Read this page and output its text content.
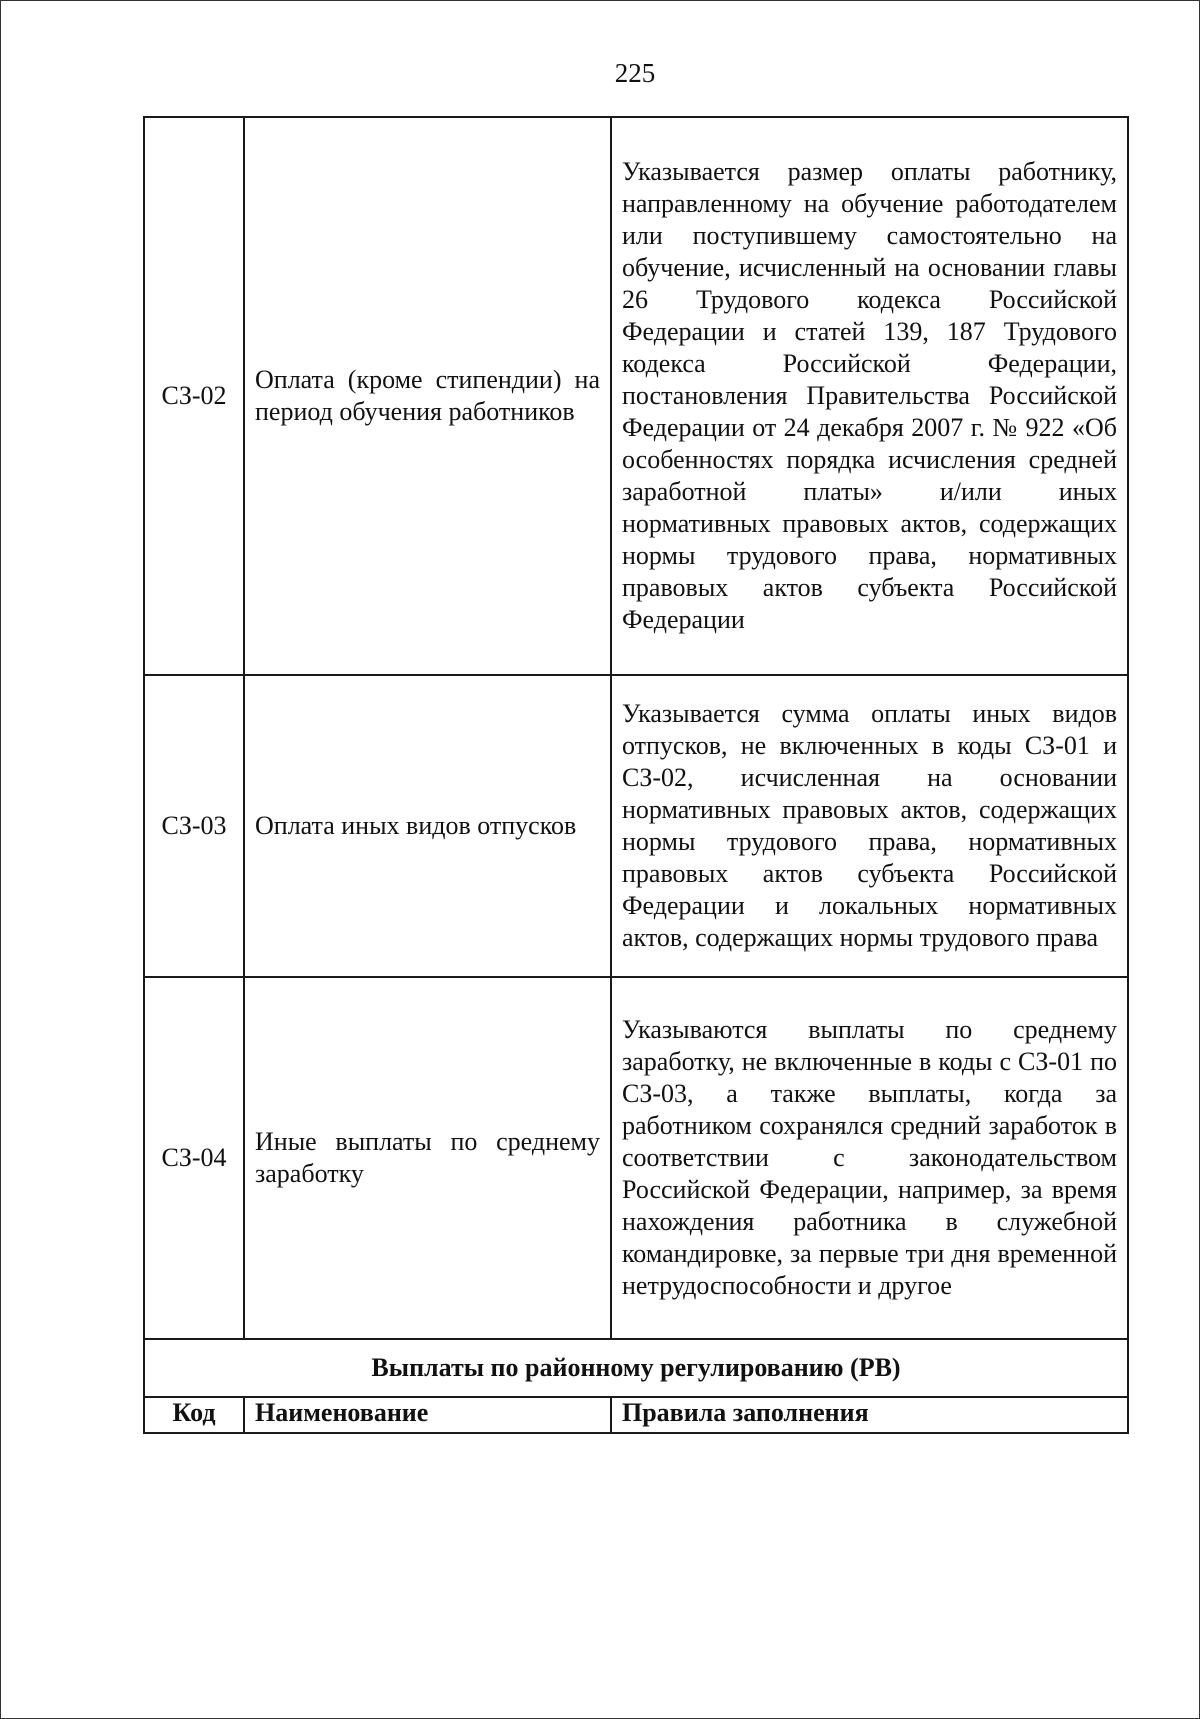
225
СЗ-02	Оплата (кроме стипендии) на период обучения работников	Указывается размер оплаты работнику, направленному на обучение работодателем или поступившему самостоятельно на обучение, исчисленный на основании главы 26 Трудового кодекса Российской Федерации и статей 139, 187 Трудового кодекса Российской Федерации, постановления Правительства Российской Федерации от 24 декабря 2007 г. № 922 «Об особенностях порядка исчисления средней заработной платы» и/или иных нормативных правовых актов, содержащих нормы трудового права, нормативных правовых актов субъекта Российской Федерации
СЗ-03	Оплата иных видов отпусков	Указывается сумма оплаты иных видов отпусков, не включенных в коды СЗ-01 и СЗ-02, исчисленная на основании нормативных правовых актов, содержащих нормы трудового права, нормативных правовых актов субъекта Российской Федерации и локальных нормативных актов, содержащих нормы трудового права
СЗ-04	Иные выплаты по среднему заработку	Указываются выплаты по среднему заработку, не включенные в коды с СЗ-01 по СЗ-03, а также выплаты, когда за работником сохранялся средний заработок в соответствии с законодательством Российской Федерации, например, за время нахождения работника в служебной командировке, за первые три дня временной нетрудоспособности и другое
Выплаты по районному регулированию (РВ)		
Код	Наименование	Правила заполнения
